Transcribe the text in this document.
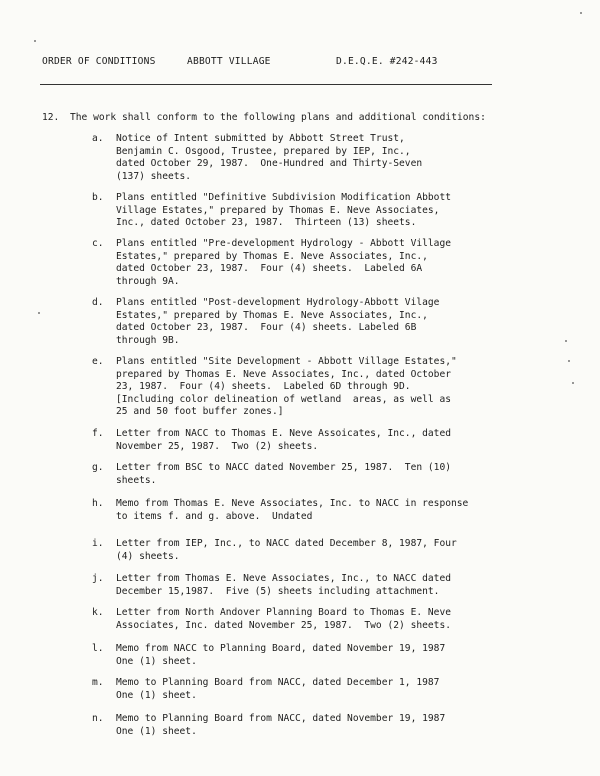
ORDER OF CONDITIONS	ABBOTT VILLAGE	D.E.Q.E. #242-443
12. The work shall conform to the following plans and additional conditions:
a.	Notice of Intent submitted by Abbott Street Trust,
Benjamin C. Osgood, Trustee, prepared by IEP, Inc.,
dated October 29, 1987.  One-Hundred and Thirty-Seven
(137) sheets.
b.	Plans entitled "Definitive Subdivision Modification Abbott
Village Estates," prepared by Thomas E. Neve Associates,
Inc., dated October 23, 1987.  Thirteen (13) sheets.
c.	Plans entitled "Pre-development Hydrology - Abbott Village
Estates," prepared by Thomas E. Neve Associates, Inc.,
dated October 23, 1987.  Four (4) sheets.  Labeled 6A
through 9A.
d.	Plans entitled "Post-development Hydrology-Abbott Vilage
Estates," prepared by Thomas E. Neve Associates, Inc.,
dated October 23, 1987.  Four (4) sheets. Labeled 6B
through 9B.
e.	Plans entitled "Site Development - Abbott Village Estates,"
prepared by Thomas E. Neve Associates, Inc., dated October
23, 1987.  Four (4) sheets.  Labeled 6D through 9D.
[Including color delineation of wetland  areas, as well as
25 and 50 foot buffer zones.]
f.	Letter from NACC to Thomas E. Neve Assoicates, Inc., dated
November 25, 1987.  Two (2) sheets.
g.	Letter from BSC to NACC dated November 25, 1987.  Ten (10)
sheets.
h.	Memo from Thomas E. Neve Associates, Inc. to NACC in response
to items f. and g. above.  Undated
i.	Letter from IEP, Inc., to NACC dated December 8, 1987, Four
(4) sheets.
j.	Letter from Thomas E. Neve Associates, Inc., to NACC dated
December 15,1987.  Five (5) sheets including attachment.
k.	Letter from North Andover Planning Board to Thomas E. Neve
Associates, Inc. dated November 25, 1987.  Two (2) sheets.
l.	Memo from NACC to Planning Board, dated November 19, 1987
One (1) sheet.
m.	Memo to Planning Board from NACC, dated December 1, 1987
One (1) sheet.
n.	Memo to Planning Board from NACC, dated November 19, 1987
One (1) sheet.
